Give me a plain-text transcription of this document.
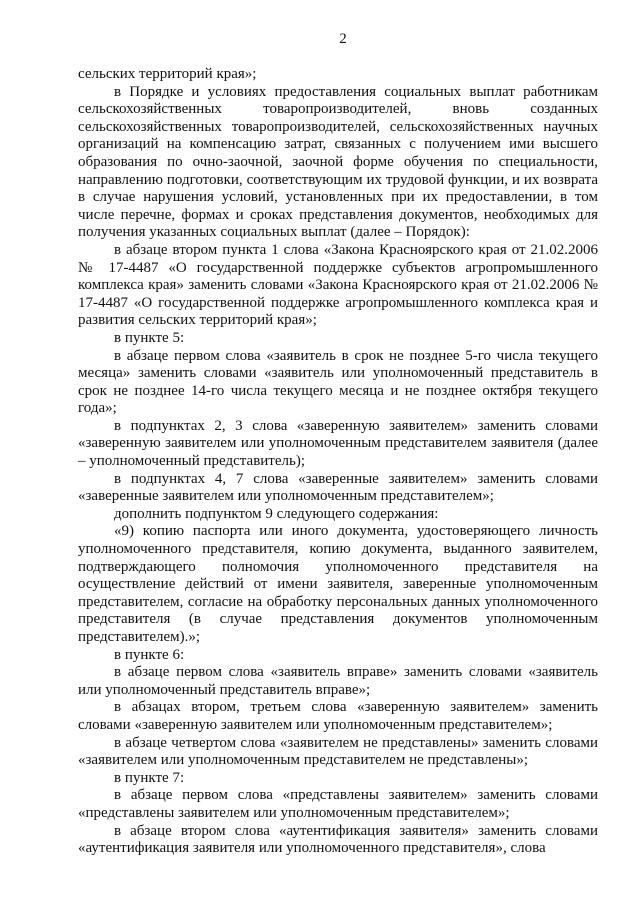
2

сельских территорий края»;

в Порядке и условиях предоставления социальных выплат работникам сельскохозяйственных товаропроизводителей, вновь созданных сельскохозяйственных товаропроизводителей, сельскохозяйственных научных организаций на компенсацию затрат, связанных с получением ими высшего образования по очно-заочной, заочной форме обучения по специальности, направлению подготовки, соответствующим их трудовой функции, и их возврата в случае нарушения условий, установленных при их предоставлении, в том числе перечне, формах и сроках представления документов, необходимых для получения указанных социальных выплат (далее – Порядок):

в абзаце втором пункта 1 слова «Закона Красноярского края от 21.02.2006 № 17-4487 «О государственной поддержке субъектов агропромышленного комплекса края» заменить словами «Закона Красноярского края от 21.02.2006 № 17-4487 «О государственной поддержке агропромышленного комплекса края и развития сельских территорий края»;

в пункте 5:

в абзаце первом слова «заявитель в срок не позднее 5-го числа текущего месяца» заменить словами «заявитель или уполномоченный представитель в срок не позднее 14-го числа текущего месяца и не позднее октября текущего года»;

в подпунктах 2, 3 слова «заверенную заявителем» заменить словами «заверенную заявителем или уполномоченным представителем заявителя (далее – уполномоченный представитель);

в подпунктах 4, 7 слова «заверенные заявителем» заменить словами «заверенные заявителем или уполномоченным представителем»;

дополнить подпунктом 9 следующего содержания:

«9) копию паспорта или иного документа, удостоверяющего личность уполномоченного представителя, копию документа, выданного заявителем, подтверждающего полномочия уполномоченного представителя на осуществление действий от имени заявителя, заверенные уполномоченным представителем, согласие на обработку персональных данных уполномоченного представителя (в случае представления документов уполномоченным представителем).»;

в пункте 6:

в абзаце первом слова «заявитель вправе» заменить словами «заявитель или уполномоченный представитель вправе»;

в абзацах втором, третьем слова «заверенную заявителем» заменить словами «заверенную заявителем или уполномоченным представителем»;

в абзаце четвертом слова «заявителем не представлены» заменить словами «заявителем или уполномоченным представителем не представлены»;

в пункте 7:

в абзаце первом слова «представлены заявителем» заменить словами «представлены заявителем или уполномоченным представителем»;

в абзаце втором слова «аутентификация заявителя» заменить словами «аутентификация заявителя или уполномоченного представителя», слова
